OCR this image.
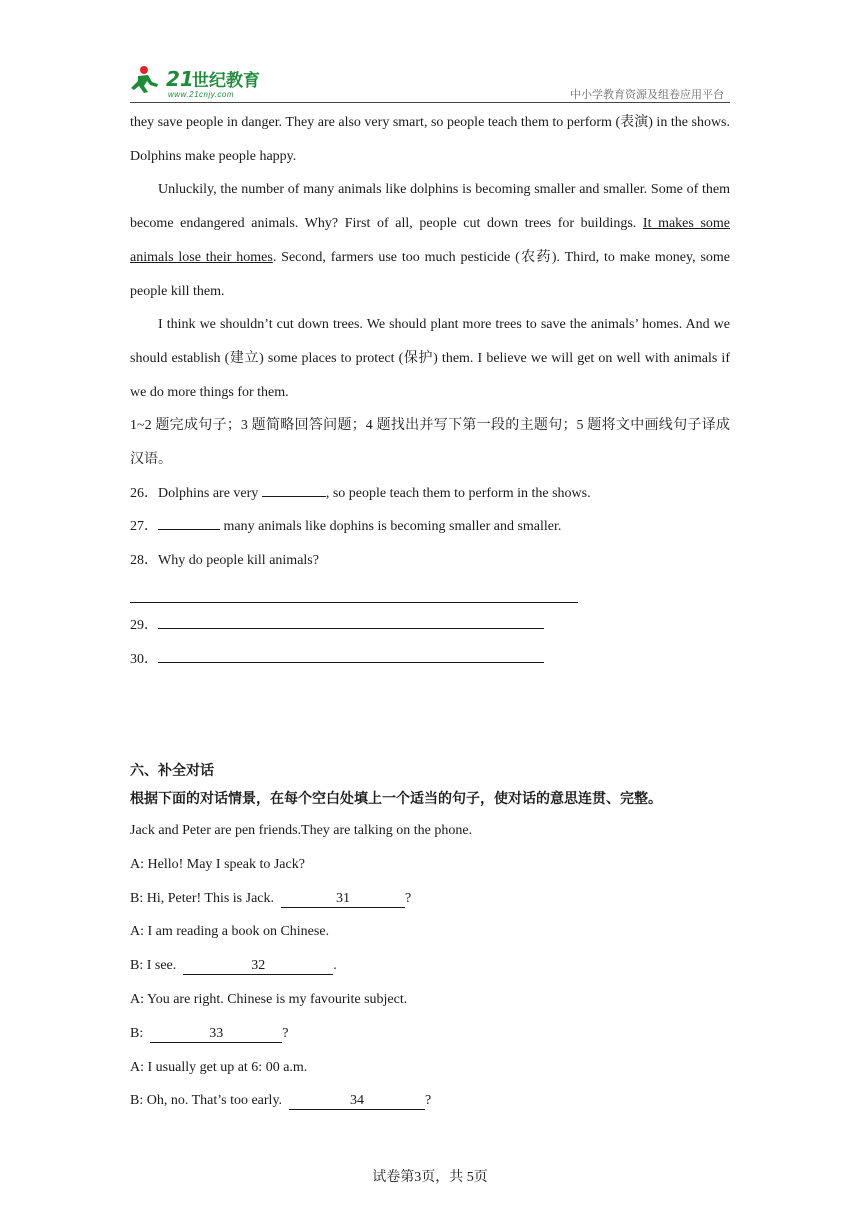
21
世纪教育
www.21cnjy.com	中小学教育资源及组卷应用平台

they save people in danger. They are also very smart, so people teach them to perform (表演) in the shows. Dolphins make people happy.

Unluckily, the number of many animals like dolphins is becoming smaller and smaller. Some of them become endangered animals. Why? First of all, people cut down trees for buildings. It makes some animals lose their homes. Second, farmers use too much pesticide (农药). Third, to make money, some people kill them.

I think we shouldn’t cut down trees. We should plant more trees to save the animals’ homes. And we should establish (建立) some places to protect (保护) them. I believe we will get on well with animals if we do more things for them.

1~2 题完成句子；3 题简略回答问题；4 题找出并写下第一段的主题句；5 题将文中画线句子译成汉语。

26．Dolphins are very	, so people teach them to perform in the shows.

27．	many animals like dophins is becoming smaller and smaller.

28．Why do people kill animals?

29．

30．

六、补全对话
根据下面的对话情景，在每个空白处填上一个适当的句子，使对话的意思连贯、完整。

Jack and Peter are pen friends.They are talking on the phone.

A: Hello! May I speak to Jack?

B: Hi, Peter! This is Jack.	31	?

A: I am reading a book on Chinese.

B: I see.	32	.

A: You are right. Chinese is my favourite subject.

B:	33	?

A: I usually get up at 6: 00 a.m.

B: Oh, no. That’s too early.	34	?

试卷第3页，共 5页
